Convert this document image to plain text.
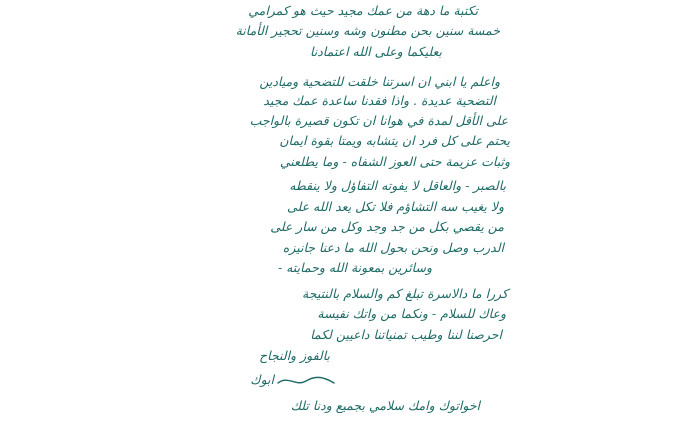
تكتبة ما دهة من عمك مجيد حيث هو كمرامي
خمسة سنين بحن مطنون وشه وسنين تحجير الأمانة
بعليكما وعلى الله اعتمادنا
واعلم يا ابني ان اسرتنا خلقت للتضحية وميادين
التضحية عديدة . واذا فقدنا ساعدة عمك مجيد
على الأقل لمدة في هوانا ان تكون قصيرة بالواجب
يحتم على كل فرد ان يتشابه ويمتا بقوة ايمان
وثبات عزيمة حتى العوز الشفاه - وما يطلعني
بالصبر - والعاقل لا يفوته التفاؤل ولا ينقطه
ولا يغيب سه التشاؤم فلا تكل يعد الله على
من يقصي بكل من جد وجد وكل من سار على
الدرب وصل ونحن بحول الله ما دعنا جانيزه
وسائرين بمعونة الله وحمايته -
كررا ما دالاسرة تبلغ كم والسلام بالنتيجة
وعاك للسلام - ونكما من واتك نفيسة
احرصنا لننا وطيب تمنياتنا داعيين لكما
بالفوز والنجاح
ابوك
اخواتوك وامك سلامي بجميع ودنا تلك
